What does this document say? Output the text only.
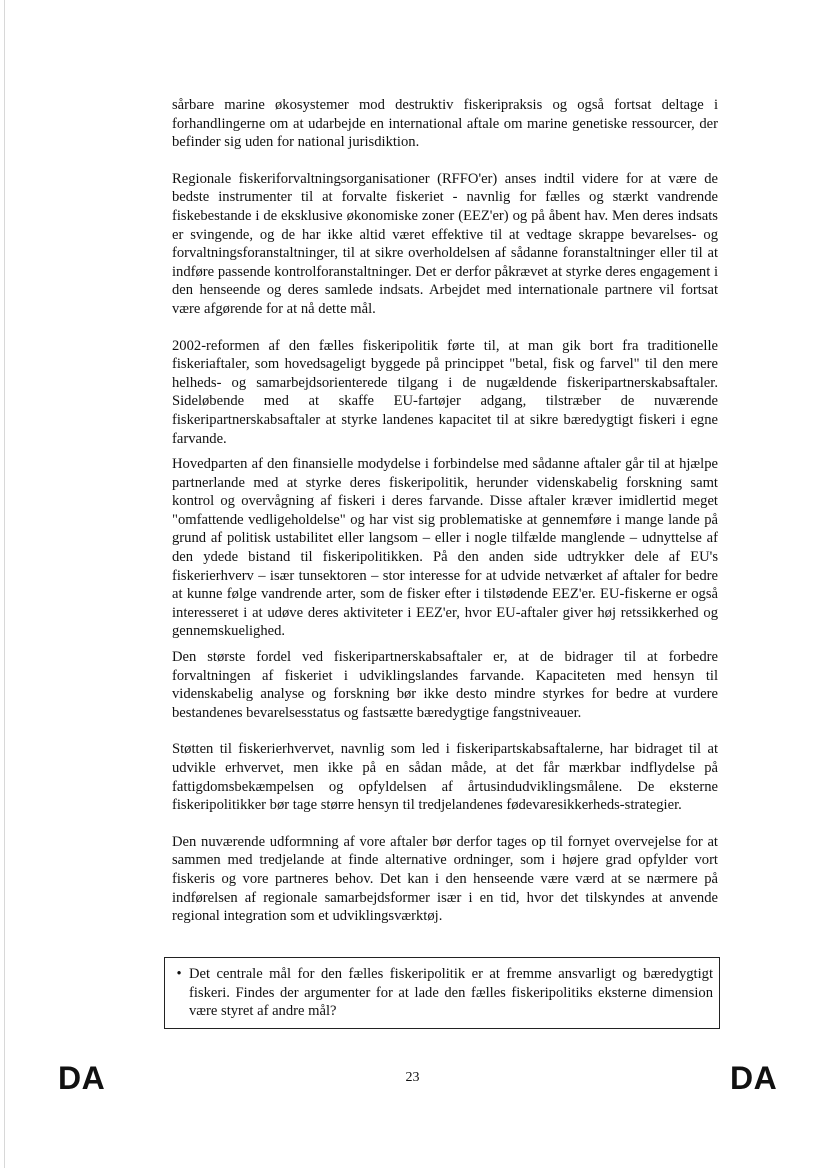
sårbare marine økosystemer mod destruktiv fiskeripraksis og også fortsat deltage i forhandlingerne om at udarbejde en international aftale om marine genetiske ressourcer, der befinder sig uden for national jurisdiktion.

Regionale fiskeriforvaltningsorganisationer (RFFO'er) anses indtil videre for at være de bedste instrumenter til at forvalte fiskeriet - navnlig for fælles og stærkt vandrende fiskebestande i de eksklusive økonomiske zoner (EEZ'er) og på åbent hav. Men deres indsats er svingende, og de har ikke altid været effektive til at vedtage skrappe bevarelses- og forvaltningsforanstaltninger, til at sikre overholdelsen af sådanne foranstaltninger eller til at indføre passende kontrolforanstaltninger. Det er derfor påkrævet at styrke deres engagement i den henseende og deres samlede indsats. Arbejdet med internationale partnere vil fortsat være afgørende for at nå dette mål.

2002-reformen af den fælles fiskeripolitik førte til, at man gik bort fra traditionelle fiskeriaftaler, som hovedsageligt byggede på princippet "betal, fisk og farvel" til den mere helheds- og samarbejdsorienterede tilgang i de nugældende fiskeripartnerskabsaftaler. Sideløbende med at skaffe EU-fartøjer adgang, tilstræber de nuværende fiskeripartnerskabsaftaler at styrke landenes kapacitet til at sikre bæredygtigt fiskeri i egne farvande.

Hovedparten af den finansielle modydelse i forbindelse med sådanne aftaler går til at hjælpe partnerlande med at styrke deres fiskeripolitik, herunder videnskabelig forskning samt kontrol og overvågning af fiskeri i deres farvande. Disse aftaler kræver imidlertid meget "omfattende vedligeholdelse" og har vist sig problematiske at gennemføre i mange lande på grund af politisk ustabilitet eller langsom – eller i nogle tilfælde manglende – udnyttelse af den ydede bistand til fiskeripolitikken. På den anden side udtrykker dele af EU's fiskerierhverv – især tunsektoren – stor interesse for at udvide netværket af aftaler for bedre at kunne følge vandrende arter, som de fisker efter i tilstødende EEZ'er. EU-fiskerne er også interesseret i at udøve deres aktiviteter i EEZ'er, hvor EU-aftaler giver høj retssikkerhed og gennemskuelighed.

Den største fordel ved fiskeripartnerskabsaftaler er, at de bidrager til at forbedre forvaltningen af fiskeriet i udviklingslandes farvande. Kapaciteten med hensyn til videnskabelig analyse og forskning bør ikke desto mindre styrkes for bedre at vurdere bestandenes bevarelsesstatus og fastsætte bæredygtige fangstniveauer.

Støtten til fiskerierhvervet, navnlig som led i fiskeripartskabsaftalerne, har bidraget til at udvikle erhvervet, men ikke på en sådan måde, at det får mærkbar indflydelse på fattigdomsbekæmpelsen og opfyldelsen af årtusindudviklingsmålene. De eksterne fiskeripolitikker bør tage større hensyn til tredjelandenes fødevaresikkerheds-strategier.

Den nuværende udformning af vore aftaler bør derfor tages op til fornyet overvejelse for at sammen med tredjelande at finde alternative ordninger, som i højere grad opfylder vort fiskeris og vore partneres behov. Det kan i den henseende være værd at se nærmere på indførelsen af regionale samarbejdsformer især i en tid, hvor det tilskyndes at anvende regional integration som et udviklingsværktøj.

• Det centrale mål for den fælles fiskeripolitik er at fremme ansvarligt og bæredygtigt fiskeri. Findes der argumenter for at lade den fælles fiskeripolitiks eksterne dimension være styret af andre mål?
DA	23	DA
